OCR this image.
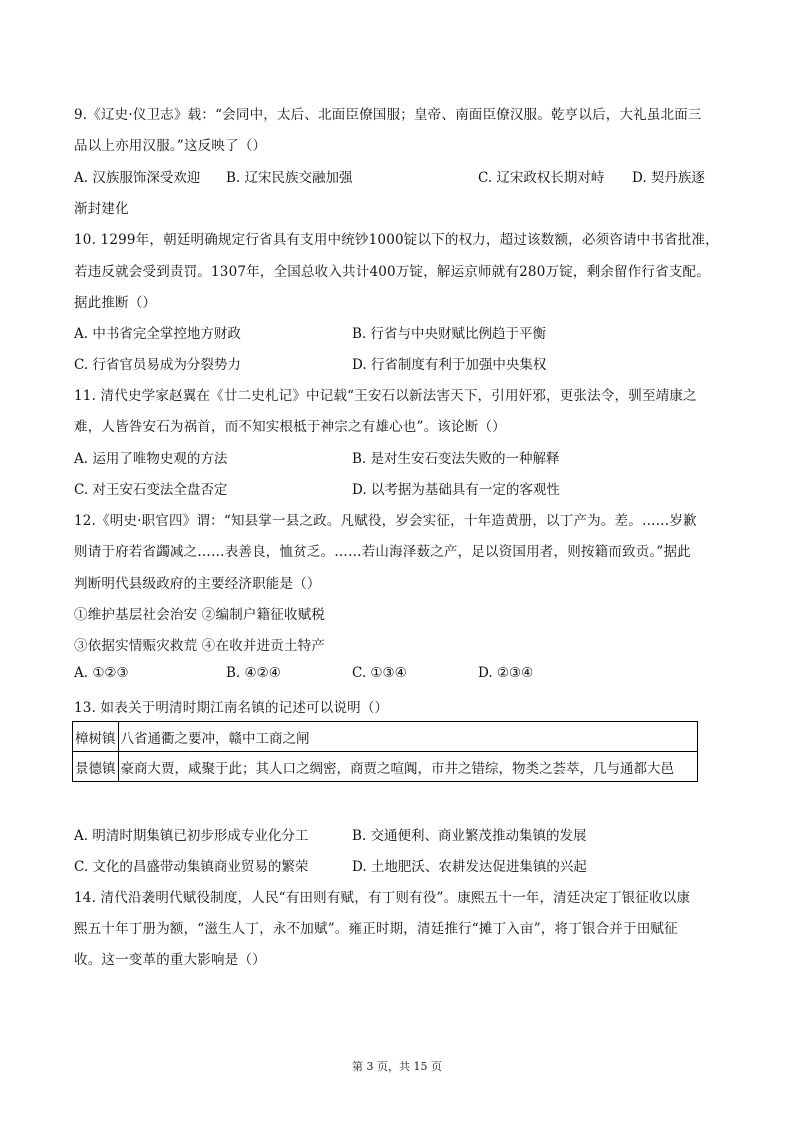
9.《辽史·仪卫志》载：“会同中，太后、北面臣僚国服；皇帝、南面臣僚汉服。乾亨以后，大礼虽北面三
品以上亦用汉服。”这反映了（）
A. 汉族服饰深受欢迎 B. 辽宋民族交融加强	C. 辽宋政权长期对峙 D. 契丹族逐
渐封建化
10. 1299年，朝廷明确规定行省具有支用中统钞1000锭以下的权力，超过该数额，必须咨请中书省批准，
若违反就会受到责罚。1307年，全国总收入共计400万锭，解运京师就有280万锭，剩余留作行省支配。
据此推断（）
A. 中书省完全掌控地方财政	B. 行省与中央财赋比例趋于平衡
C. 行省官员易成为分裂势力	D. 行省制度有利于加强中央集权
11. 清代史学家赵翼在《廿二史札记》中记载“王安石以新法害天下，引用奸邪，更张法令，驯至靖康之
难，人皆咎安石为祸首，而不知实根柢于神宗之有雄心也”。该论断（）
A. 运用了唯物史观的方法	B. 是对生安石变法失败的一种解释
C. 对王安石变法全盘否定	D. 以考据为基础具有一定的客观性
12.《明史·职官四》谓：“知县掌一县之政。凡赋役，岁会实征，十年造黄册，以丁产为。差。……岁歉
则请于府若省蠲减之……表善良，恤贫乏。……若山海泽薮之产，足以资国用者，则按籍而致贡。”据此
判断明代县级政府的主要经济职能是（）
①维护基层社会治安 ②编制户籍征收赋税
③依据实情赈灾救荒 ④在收并进贡土特产
A. ①②③	B. ④②④	C. ①③④	D. ②③④
13. 如表关于明清时期江南名镇的记述可以说明（）
樟树镇	八省通衢之要冲，赣中工商之闸
景德镇	豪商大贾，咸聚于此；其人口之绸密，商贾之喧阗，市井之错综，物类之荟萃，几与通都大邑
A. 明清时期集镇已初步形成专业化分工	B. 交通便利、商业繁茂推动集镇的发展
C. 文化的昌盛带动集镇商业贸易的繁荣	D. 土地肥沃、农耕发达促进集镇的兴起
14. 清代沿袭明代赋役制度，人民“有田则有赋，有丁则有役”。康熙五十一年，清廷决定丁银征收以康
熙五十年丁册为额，“滋生人丁，永不加赋”。雍正时期，清廷推行“摊丁入亩”，将丁银合并于田赋征
收。这一变革的重大影响是（）
第 3 页，共 15 页
